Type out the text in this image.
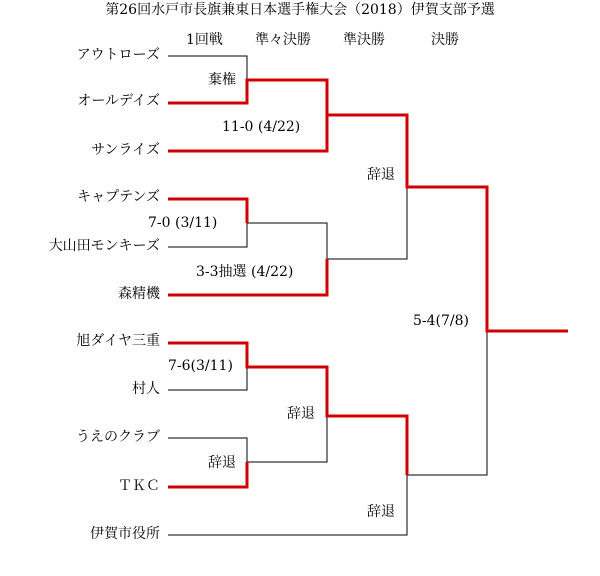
第26回水戸市長旗兼東日本選手権大会（2018）伊賀支部予選
1回戦 準々決勝 準決勝	決勝
アウトローズ
オールデイズ
サンライズ
キャプテンズ
大山田モンキーズ
森精機
旭ダイヤ三重
村人
うえのクラブ
ＴＫＣ
伊賀市役所
棄権
11-0 (4/22)
7-0 (3/11)
3-3抽選 (4/22)
辞退
7-6(3/11)
辞退
辞退
辞退
5-4(7/8)
